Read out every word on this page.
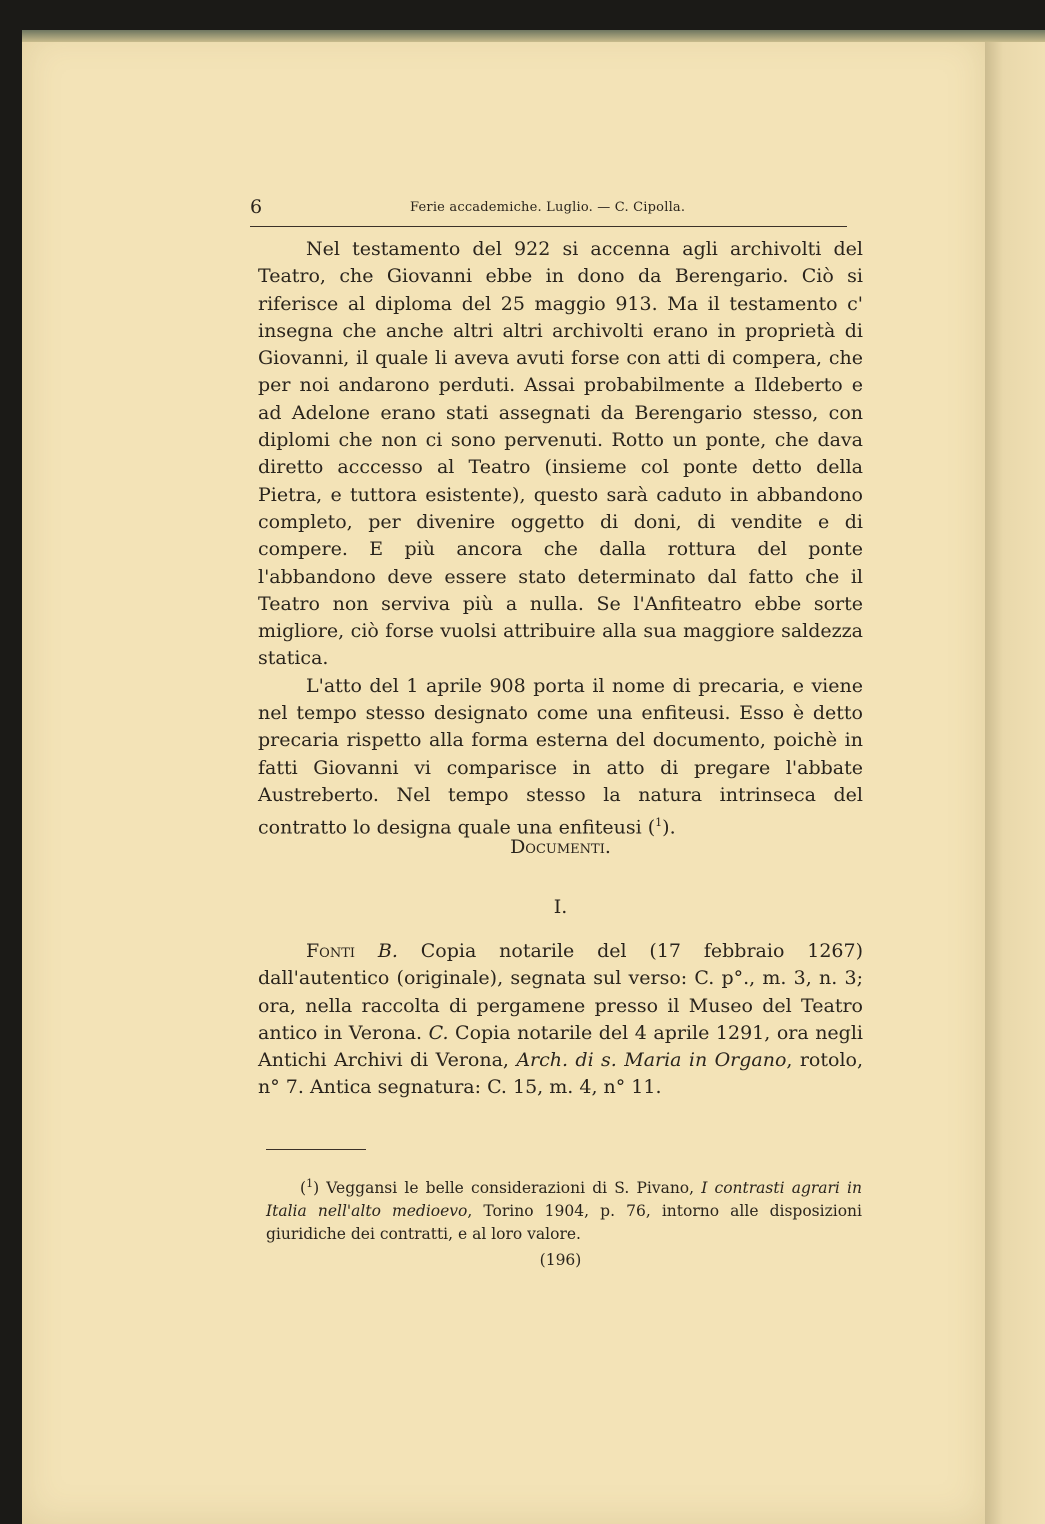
6	Ferie accademiche. Luglio. — C. Cipolla.

Nel testamento del 922 si accenna agli archivolti del Teatro, che Giovanni ebbe in dono da Berengario. Ciò si riferisce al diploma del 25 maggio 913. Ma il testamento c' insegna che anche altri altri archivolti erano in proprietà di Giovanni, il quale li aveva avuti forse con atti di compera, che per noi andarono perduti. Assai probabilmente a Ildeberto e ad Adelone erano stati assegnati da Berengario stesso, con diplomi che non ci sono pervenuti. Rotto un ponte, che dava diretto acccesso al Teatro (insieme col ponte detto della Pietra, e tuttora esistente), questo sarà caduto in abbandono completo, per divenire oggetto di doni, di vendite e di compere. E più ancora che dalla rottura del ponte l'abbandono deve essere stato determinato dal fatto che il Teatro non serviva più a nulla. Se l'Anfiteatro ebbe sorte migliore, ciò forse vuolsi attribuire alla sua maggiore saldezza statica.

L'atto del 1 aprile 908 porta il nome di precaria, e viene nel tempo stesso designato come una enfiteusi. Esso è detto precaria rispetto alla forma esterna del documento, poichè in fatti Giovanni vi comparisce in atto di pregare l'abbate Austreberto. Nel tempo stesso la natura intrinseca del contratto lo designa quale una enfiteusi ($^1$).

Documenti.
I.

Fonti B. Copia notarile del (17 febbraio 1267) dall'autentico (originale), segnata sul verso: C. p°., m. 3, n. 3; ora, nella raccolta di pergamene presso il Museo del Teatro antico in Verona. C. Copia notarile del 4 aprile 1291, ora negli Antichi Archivi di Verona, Arch. di s. Maria in Organo, rotolo, n° 7. Antica segnatura: C. 15, m. 4, n° 11.

($^1$) Veggansi le belle considerazioni di S. Pivano, I contrasti agrari in Italia nell'alto medioevo, Torino 1904, p. 76, intorno alle disposizioni giuridiche dei contratti, e al loro valore.

(196)
